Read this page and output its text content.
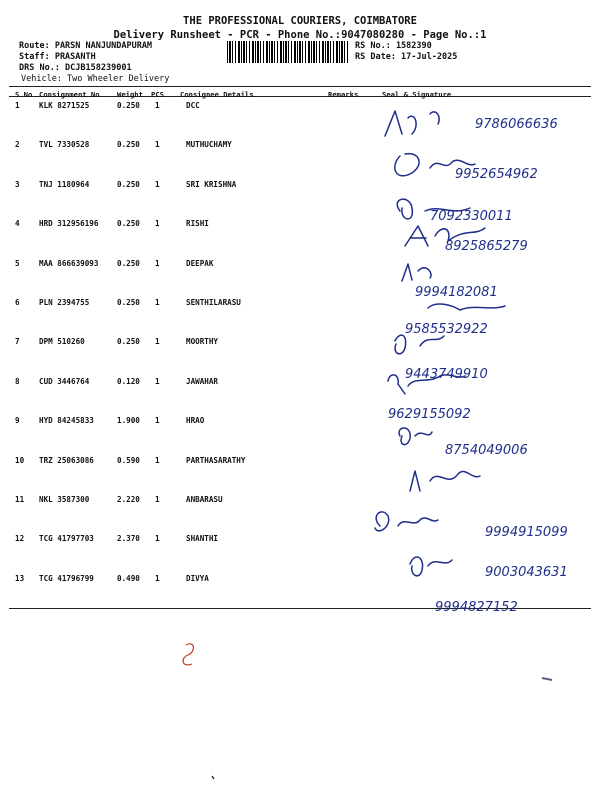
THE PROFESSIONAL COURIERS, COIMBATORE
Delivery Runsheet - PCR - Phone No.:9047080280 - Page No.:1
Route: PARSN NANJUNDAPURAM
Staff: PRASANTH
DRS No.: DCJB158239001
Vehicle: Two Wheeler Delivery
RS No.: 1582390
RS Date: 17-Jul-2025
S No Consignment No Weight PCS Consignee Details	Remarks	Seal & Signature
1	KLK 8271525	0.250 1	DCC
2	TVL 7330528	0.250 1	MUTHUCHAMY
3	TNJ 1180964	0.250 1	SRI KRISHNA
4	HRD 312956196 0.250 1	RISHI
5	MAA 866639093 0.250 1	DEEPAK
6	PLN 2394755	0.250 1	SENTHILARASU
7	DPM 510260	0.250 1	MOORTHY
8	CUD 3446764	0.120 1	JAWAHAR
9	HYD 84245833	1.900 1	HRAO
10 TRZ 25063086	0.590 1	PARTHASARATHY
11 NKL 3587300	2.220 1	ANBARASU
12 TCG 41797703	2.370 1	SHANTHI
13 TCG 41796799	0.490 1	DIVYA
9786066636
9952654962
7092330011
8925865279
9994182081
9585532922
9443749910
9629155092
8754049006
9994915099
9003043631
9994827152
